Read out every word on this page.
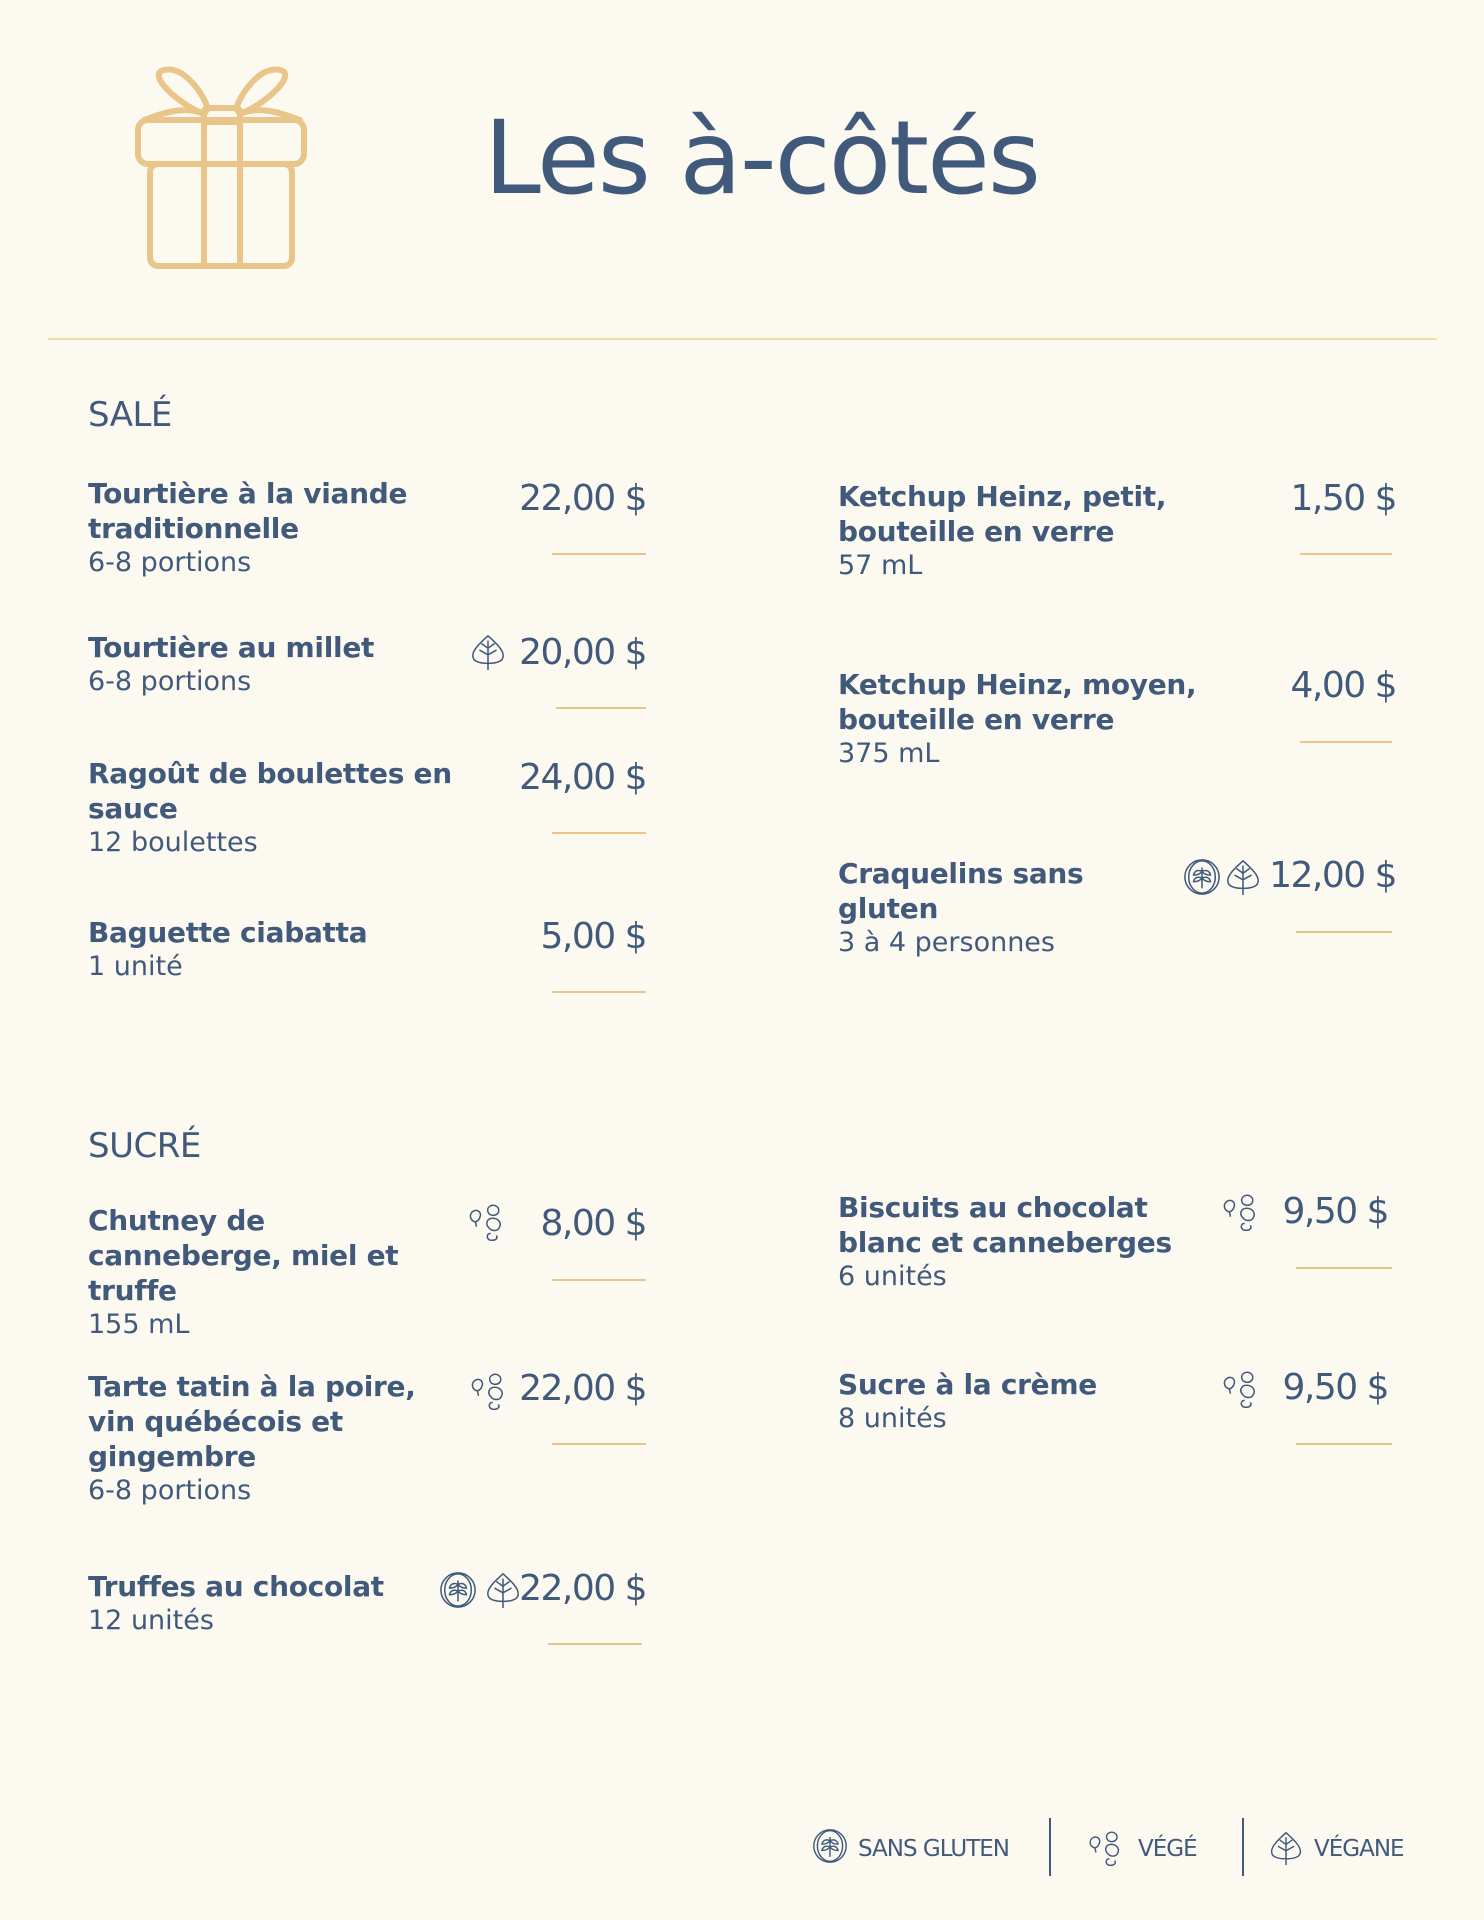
Les à-côtés
SALÉ
Tourtière à la viande traditionnelle
6-8 portions
22,00 $
Tourtière au millet
6-8 portions
20,00 $
Ragoût de boulettes en sauce
12 boulettes
24,00 $
Baguette ciabatta
1 unité
5,00 $
Ketchup Heinz, petit, bouteille en verre
57 mL
1,50 $
Ketchup Heinz, moyen, bouteille en verre
375 mL
4,00 $
Craquelins sans gluten
3 à 4 personnes
12,00 $
SUCRÉ
Chutney de canneberge, miel et truffe
155 mL
8,00 $
Tarte tatin à la poire, vin québécois et gingembre
6-8 portions
22,00 $
Truffes au chocolat
12 unités
22,00 $
Biscuits au chocolat blanc et canneberges
6 unités
9,50 $
Sucre à la crème
8 unités
9,50 $
SANS GLUTEN	VÉGÉ	VÉGANE
